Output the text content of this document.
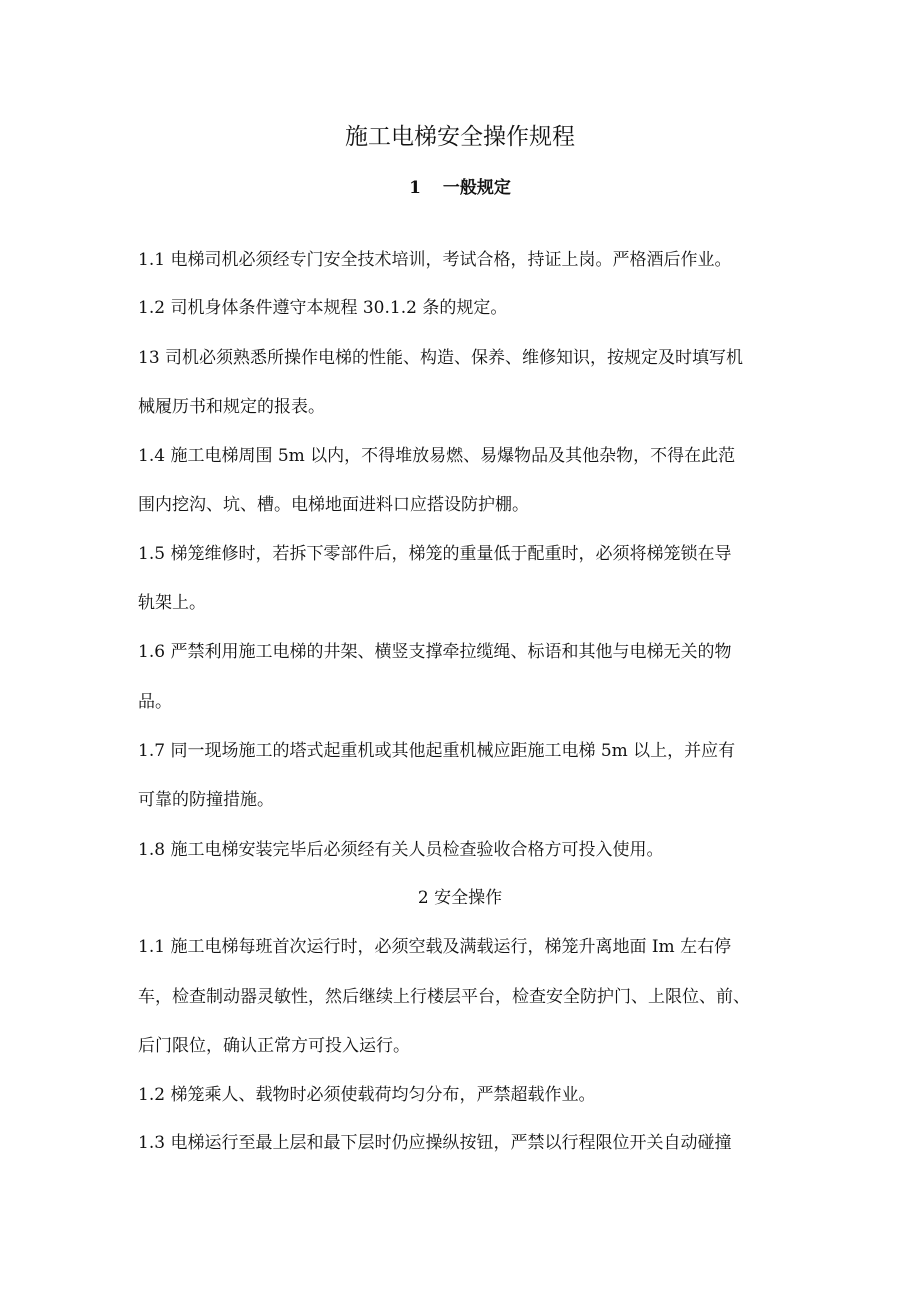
施工电梯安全操作规程
1 一般规定
1.1 电梯司机必须经专门安全技术培训，考试合格，持证上岗。严格酒后作业。
1.2 司机身体条件遵守本规程 30.1.2 条的规定。
13 司机必须熟悉所操作电梯的性能、构造、保养、维修知识，按规定及时填写机
械履历书和规定的报表。
1.4 施工电梯周围 5m 以内，不得堆放易燃、易爆物品及其他杂物，不得在此范
围内挖沟、坑、槽。电梯地面进料口应搭设防护棚。
1.5 梯笼维修时，若拆下零部件后，梯笼的重量低于配重时，必须将梯笼锁在导
轨架上。
1.6 严禁利用施工电梯的井架、横竖支撑牵拉缆绳、标语和其他与电梯无关的物
品。
1.7 同一现场施工的塔式起重机或其他起重机械应距施工电梯 5m 以上，并应有
可靠的防撞措施。
1.8 施工电梯安装完毕后必须经有关人员检查验收合格方可投入使用。
2 安全操作
1.1 施工电梯每班首次运行时，必须空载及满载运行，梯笼升离地面 Im 左右停
车，检查制动器灵敏性，然后继续上行楼层平台，检查安全防护门、上限位、前、
后门限位，确认正常方可投入运行。
1.2 梯笼乘人、载物时必须使载荷均匀分布，严禁超载作业。
1.3 电梯运行至最上层和最下层时仍应操纵按钮，严禁以行程限位开关自动碰撞
